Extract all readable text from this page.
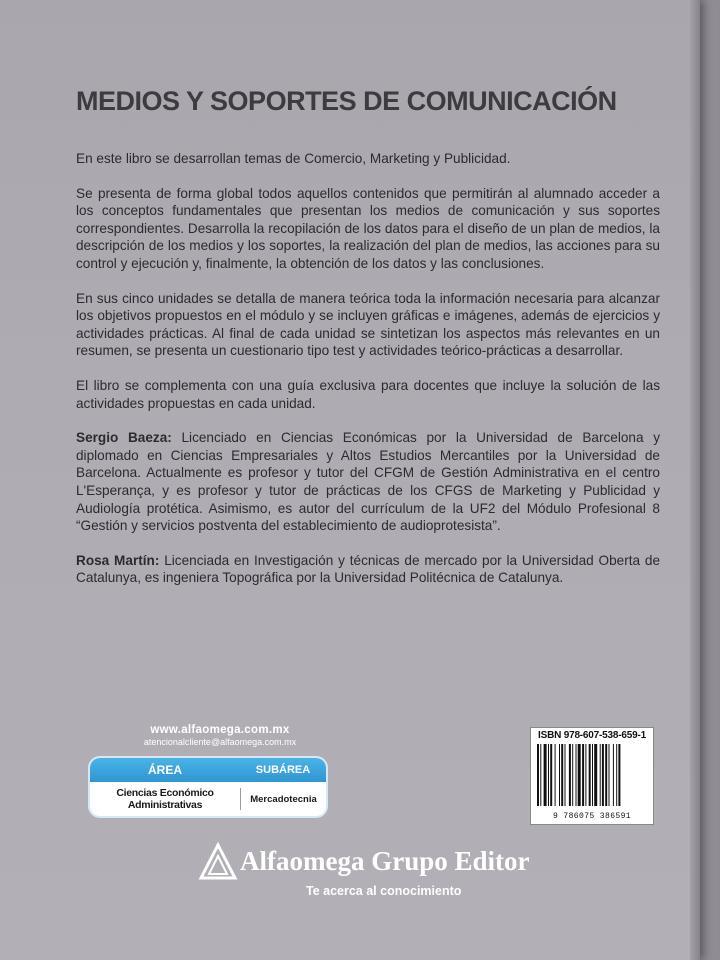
MEDIOS Y SOPORTES DE COMUNICACIÓN

En este libro se desarrollan temas de Comercio, Marketing y Publicidad.

Se presenta de forma global todos aquellos contenidos que permitirán al alumnado acceder a los conceptos fundamentales que presentan los medios de comunicación y sus soportes correspondientes. Desarrolla la recopilación de los datos para el diseño de un plan de medios, la descripción de los medios y los soportes, la realización del plan de medios, las acciones para su control y ejecución y, finalmente, la obtención de los datos y las conclusiones.

En sus cinco unidades se detalla de manera teórica toda la información necesaria para alcanzar los objetivos propuestos en el módulo y se incluyen gráficas e imágenes, además de ejercicios y actividades prácticas. Al final de cada unidad se sintetizan los aspectos más relevantes en un resumen, se presenta un cuestionario tipo test y actividades teórico-prácticas a desarrollar.

El libro se complementa con una guía exclusiva para docentes que incluye la solución de las actividades propuestas en cada unidad.

Sergio Baeza: Licenciado en Ciencias Económicas por la Universidad de Barcelona y diplomado en Ciencias Empresariales y Altos Estudios Mercantiles por la Universidad de Barcelona. Actualmente es profesor y tutor del CFGM de Gestión Administrativa en el centro L'Esperança, y es profesor y tutor de prácticas de los CFGS de Marketing y Publicidad y Audiología protética. Asimismo, es autor del currículum de la UF2 del Módulo Profesional 8 “Gestión y servicios postventa del establecimiento de audioprotesista”.

Rosa Martín: Licenciada en Investigación y técnicas de mercado por la Universidad Oberta de Catalunya, es ingeniera Topográfica por la Universidad Politécnica de Catalunya.

www.alfaomega.com.mx
atencionalcliente@alfaomega.com.mx
ÁREA	SUBÁREA
Ciencias Económico Administrativas	Mercadotecnia
ISBN 978-607-538-659-1
9 786075 386591
Alfaomega Grupo Editor
Te acerca al conocimiento
